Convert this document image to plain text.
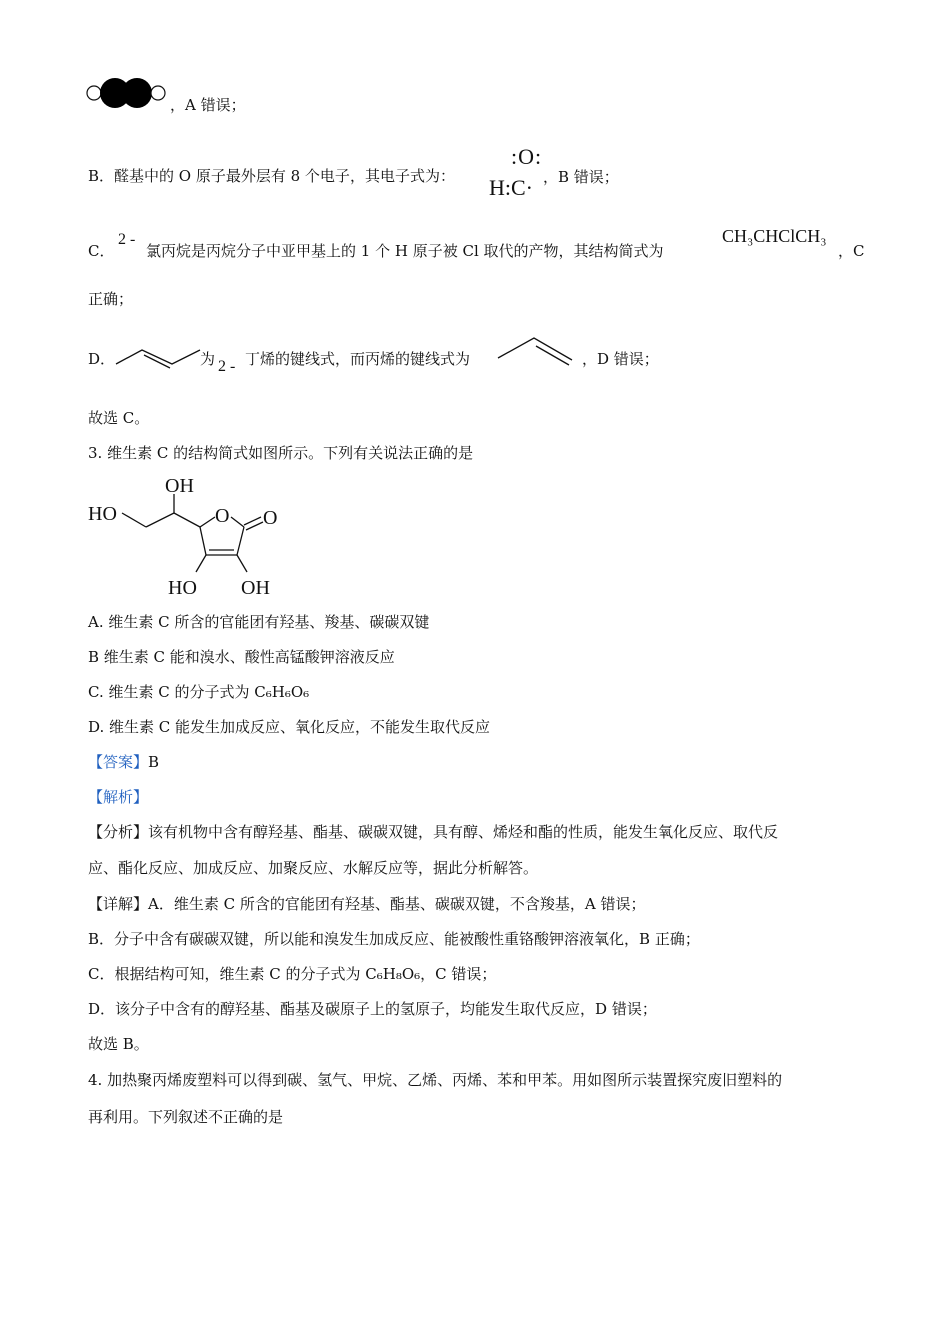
，A 错误；
B．醛基中的 O 原子最外层有 8 个电子，其电子式为：
:O:
H:C· ，B 错误；
C．
2 -
氯丙烷是丙烷分子中亚甲基上的 1 个 H 原子被 Cl 取代的产物，其结构简式为
CH₃CHClCH₃
，C
正确；
D．	为 2 - 丁烯的键线式，而丙烯的键线式为	，D 错误；
故选 C。
3. 维生素 C 的结构简式如图所示。下列有关说法正确的是
OH
HO	O O
HO OH
A. 维生素 C 所含的官能团有羟基、羧基、碳碳双键
B 维生素 C 能和溴水、酸性高锰酸钾溶液反应
C. 维生素 C 的分子式为 C₆H₆O₆
D. 维生素 C 能发生加成反应、氧化反应，不能发生取代反应
【答案】B
【解析】
【分析】该有机物中含有醇羟基、酯基、碳碳双键，具有醇、烯烃和酯的性质，能发生氧化反应、取代反
应、酯化反应、加成反应、加聚反应、水解反应等，据此分析解答。
【详解】A．维生素 C 所含的官能团有羟基、酯基、碳碳双键，不含羧基，A 错误；
B．分子中含有碳碳双键，所以能和溴发生加成反应、能被酸性重铬酸钾溶液氧化，B 正确；
C．根据结构可知，维生素 C 的分子式为 C₆H₈O₆，C 错误；
D．该分子中含有的醇羟基、酯基及碳原子上的氢原子，均能发生取代反应，D 错误；
故选 B。
4. 加热聚丙烯废塑料可以得到碳、氢气、甲烷、乙烯、丙烯、苯和甲苯。用如图所示装置探究废旧塑料的
再利用。下列叙述不正确的是
